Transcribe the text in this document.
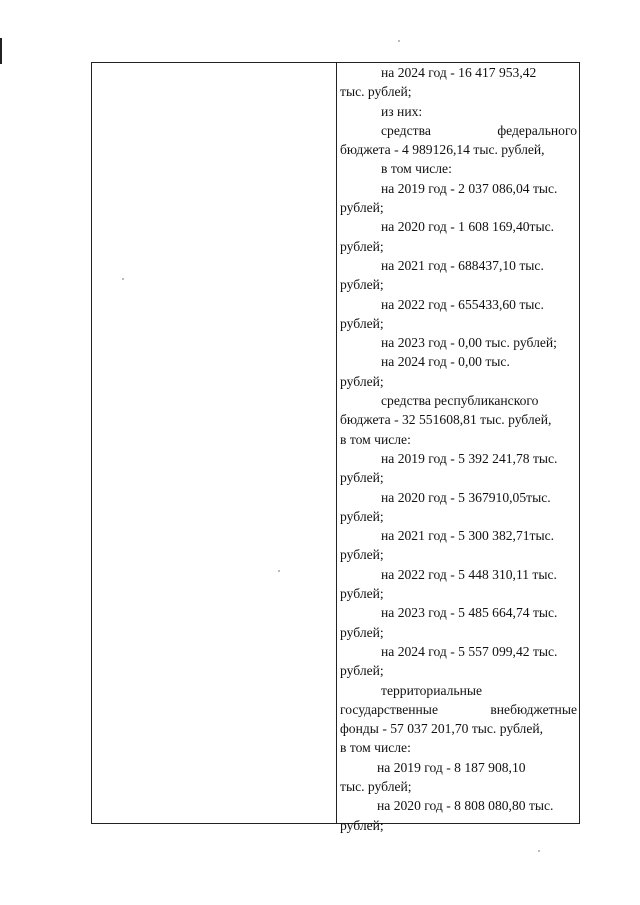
на 2024 год - 16 417 953,42
тыс. рублей;
из них:
средства	федерального
бюджета - 4 989126,14 тыс. рублей,
в том числе:
на 2019 год - 2 037 086,04 тыс.
рублей;
на 2020 год - 1 608 169,40тыс.
рублей;
на 2021 год - 688437,10 тыс.
рублей;
на 2022 год - 655433,60 тыс.
рублей;
на 2023 год - 0,00 тыс. рублей;
на 2024 год - 0,00 тыс.
рублей;
средства республиканского
бюджета - 32 551608,81 тыс. рублей,
в том числе:
на 2019 год - 5 392 241,78 тыс.
рублей;
на 2020 год - 5 367910,05тыс.
рублей;
на 2021 год - 5 300 382,71тыс.
рублей;
на 2022 год - 5 448 310,11 тыс.
рублей;
на 2023 год - 5 485 664,74 тыс.
рублей;
на 2024 год - 5 557 099,42 тыс.
рублей;
территориальные
государственные	внебюджетные
фонды - 57 037 201,70 тыс. рублей,
в том числе:
на 2019 год - 8 187 908,10
тыс. рублей;
на 2020 год - 8 808 080,80 тыс.
рублей;
